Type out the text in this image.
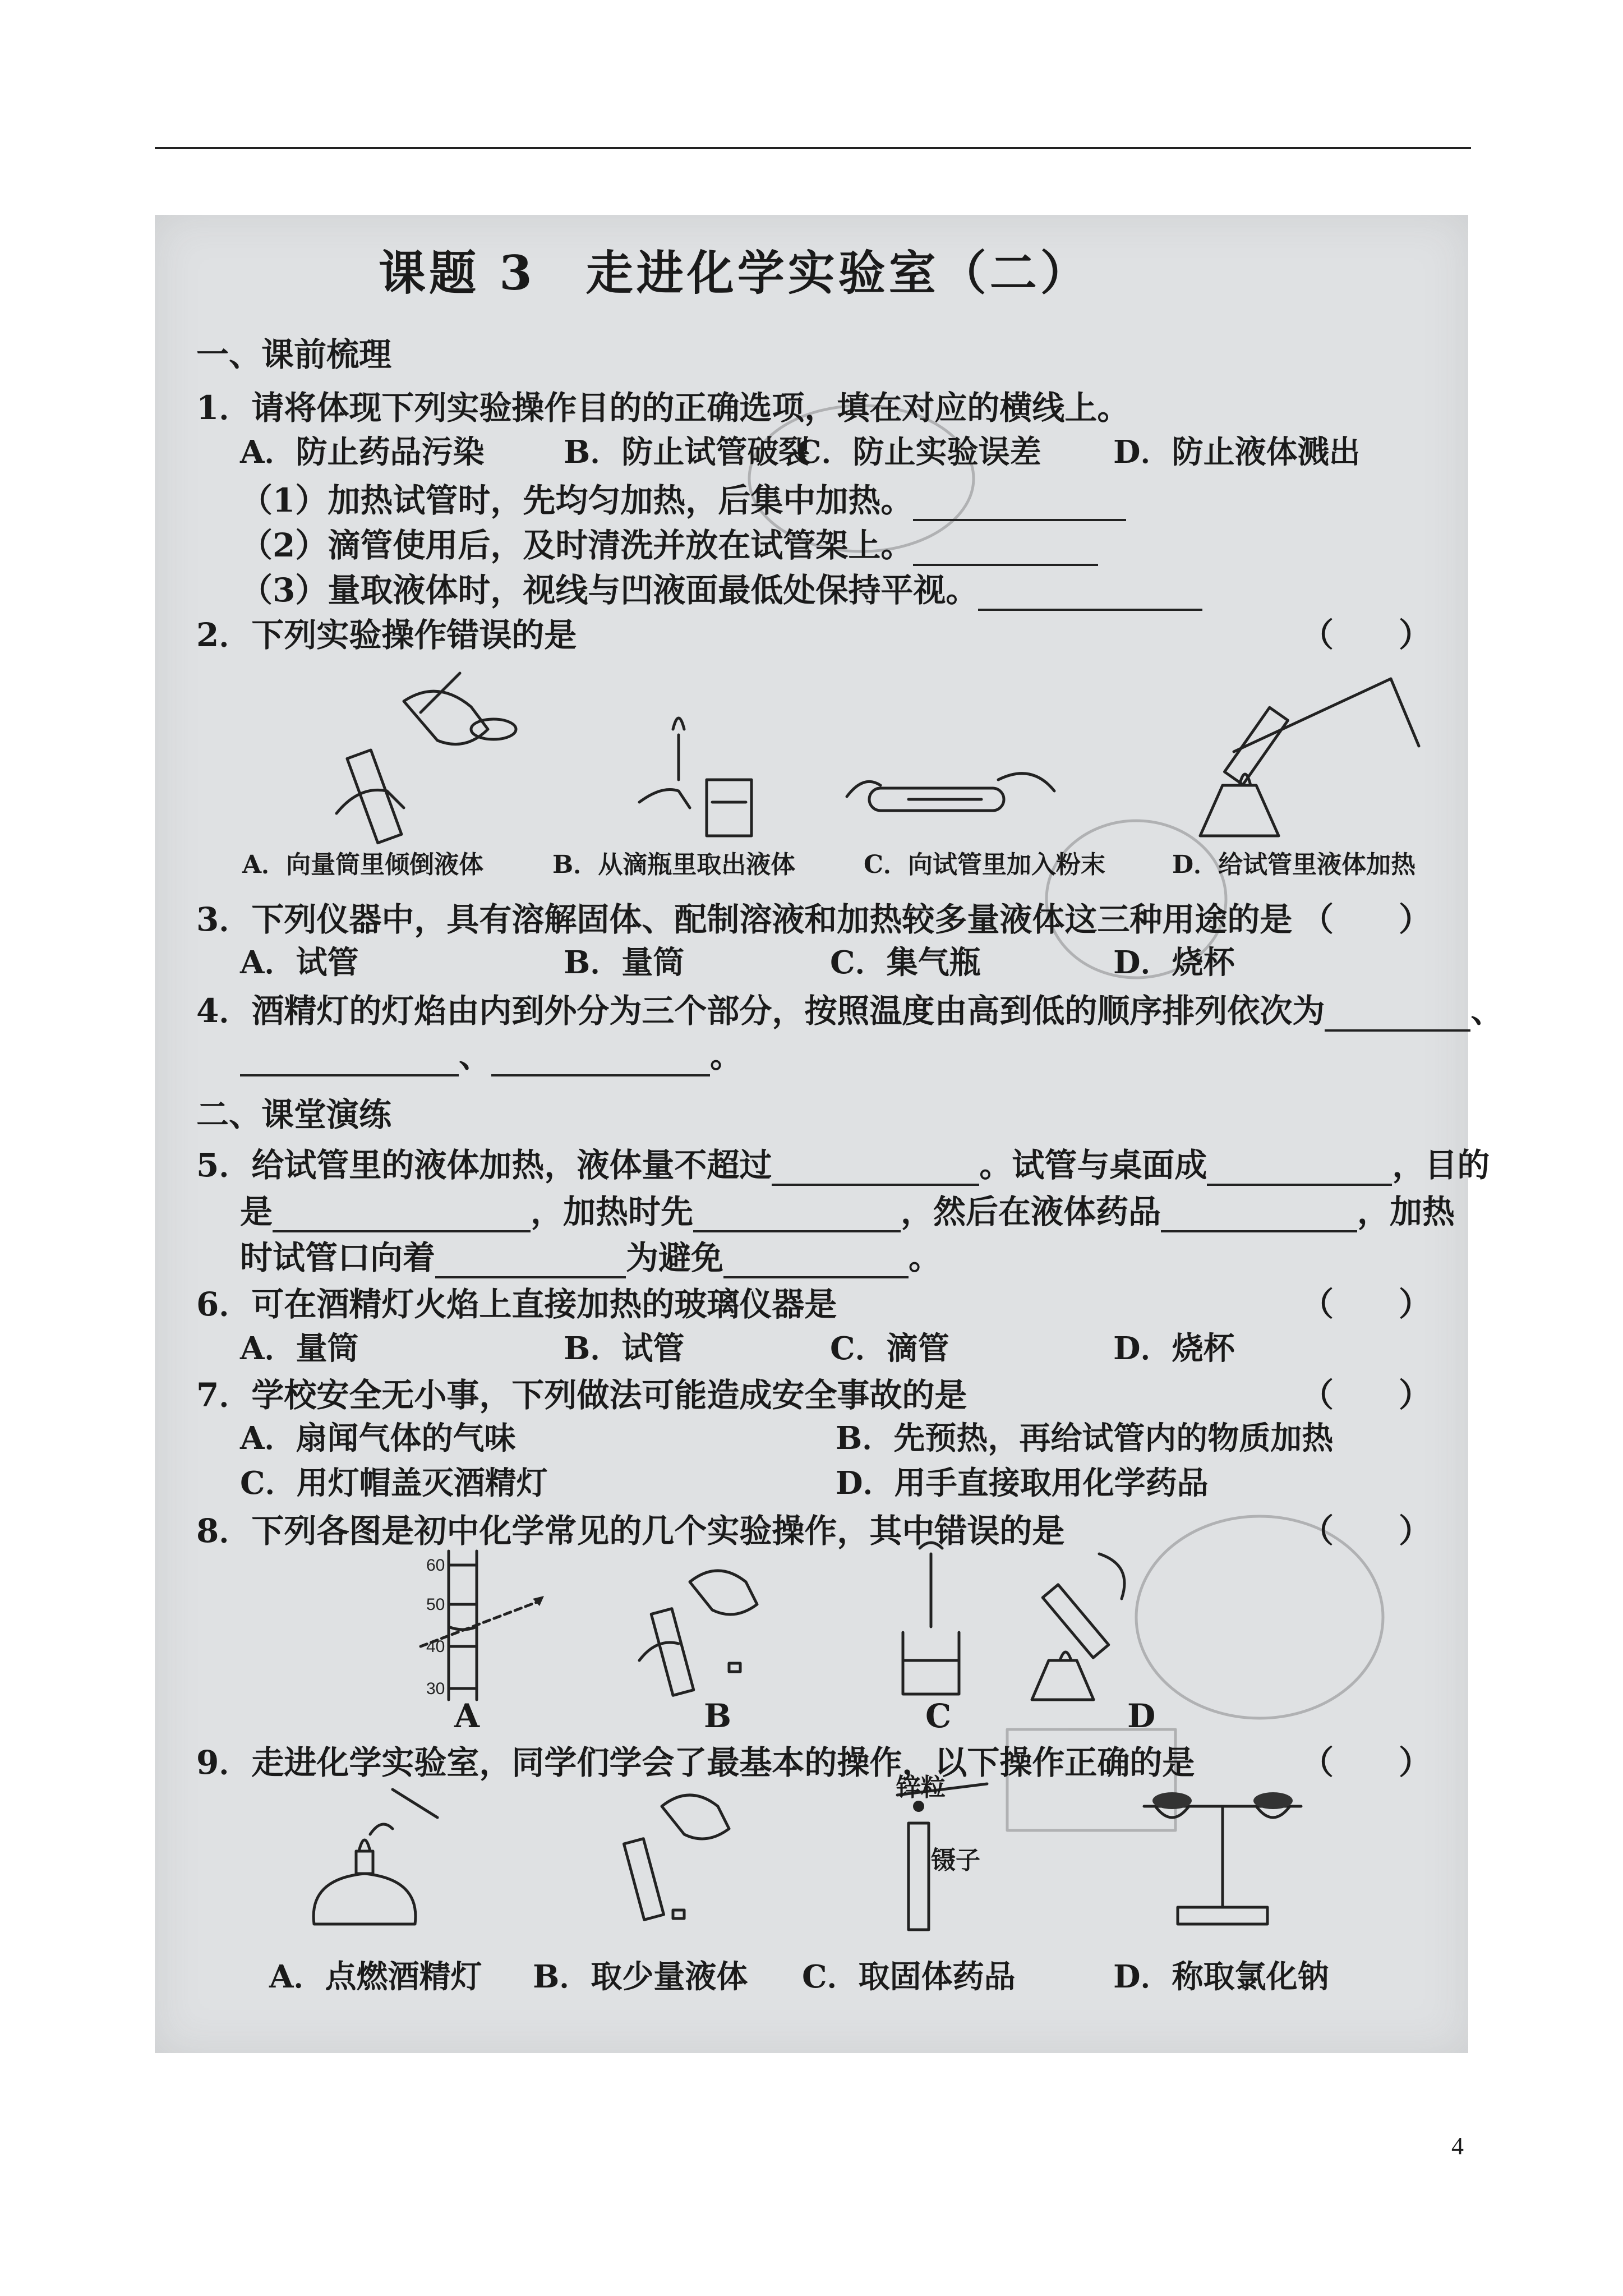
课题 3　走进化学实验室（二）
一、课前梳理
1．请将体现下列实验操作目的的正确选项，填在对应的横线上。
A．防止药品污染	B．防止试管破裂
C．防止实验误差 D．防止液体溅出
（1）加热试管时，先均匀加热，后集中加热。
（2）滴管使用后，及时清洗并放在试管架上。
（3）量取液体时，视线与凹液面最低处保持平视。
2．下列实验操作错误的是	（　　）
A．向量筒里倾倒液体	B．从滴瓶里取出液体	C．向试管里加入粉末	D．给试管里液体加热
3．下列仪器中，具有溶解固体、配制溶液和加热较多量液体这三种用途的是 （　　）
A．试管	B．量筒	C．集气瓶	D．烧杯
4．酒精灯的灯焰由内到外分为三个部分，按照温度由高到低的顺序排列依次为	、
、	。
二、课堂演练
5．给试管里的液体加热，液体量不超过	。试管与桌面成	，目的
是	，加热时先	，然后在液体药品	，加热
时试管口向着	为避免	。
6．可在酒精灯火焰上直接加热的玻璃仪器是	（　　）
A．量筒	B．试管	C．滴管	D．烧杯
7．学校安全无小事，下列做法可能造成安全事故的是	（　　）
A．扇闻气体的气味	B．先预热，再给试管内的物质加热
C．用灯帽盖灭酒精灯	D．用手直接取用化学药品
8．下列各图是初中化学常见的几个实验操作，其中错误的是	（　　）
60
50
40
30
A	B	C	D
9．走进化学实验室，同学们学会了最基本的操作，以下操作正确的是	（　　）
锌粒
镊子
A．点燃酒精灯 B．取少量液体 C．取固体药品	D．称取氯化钠
4
